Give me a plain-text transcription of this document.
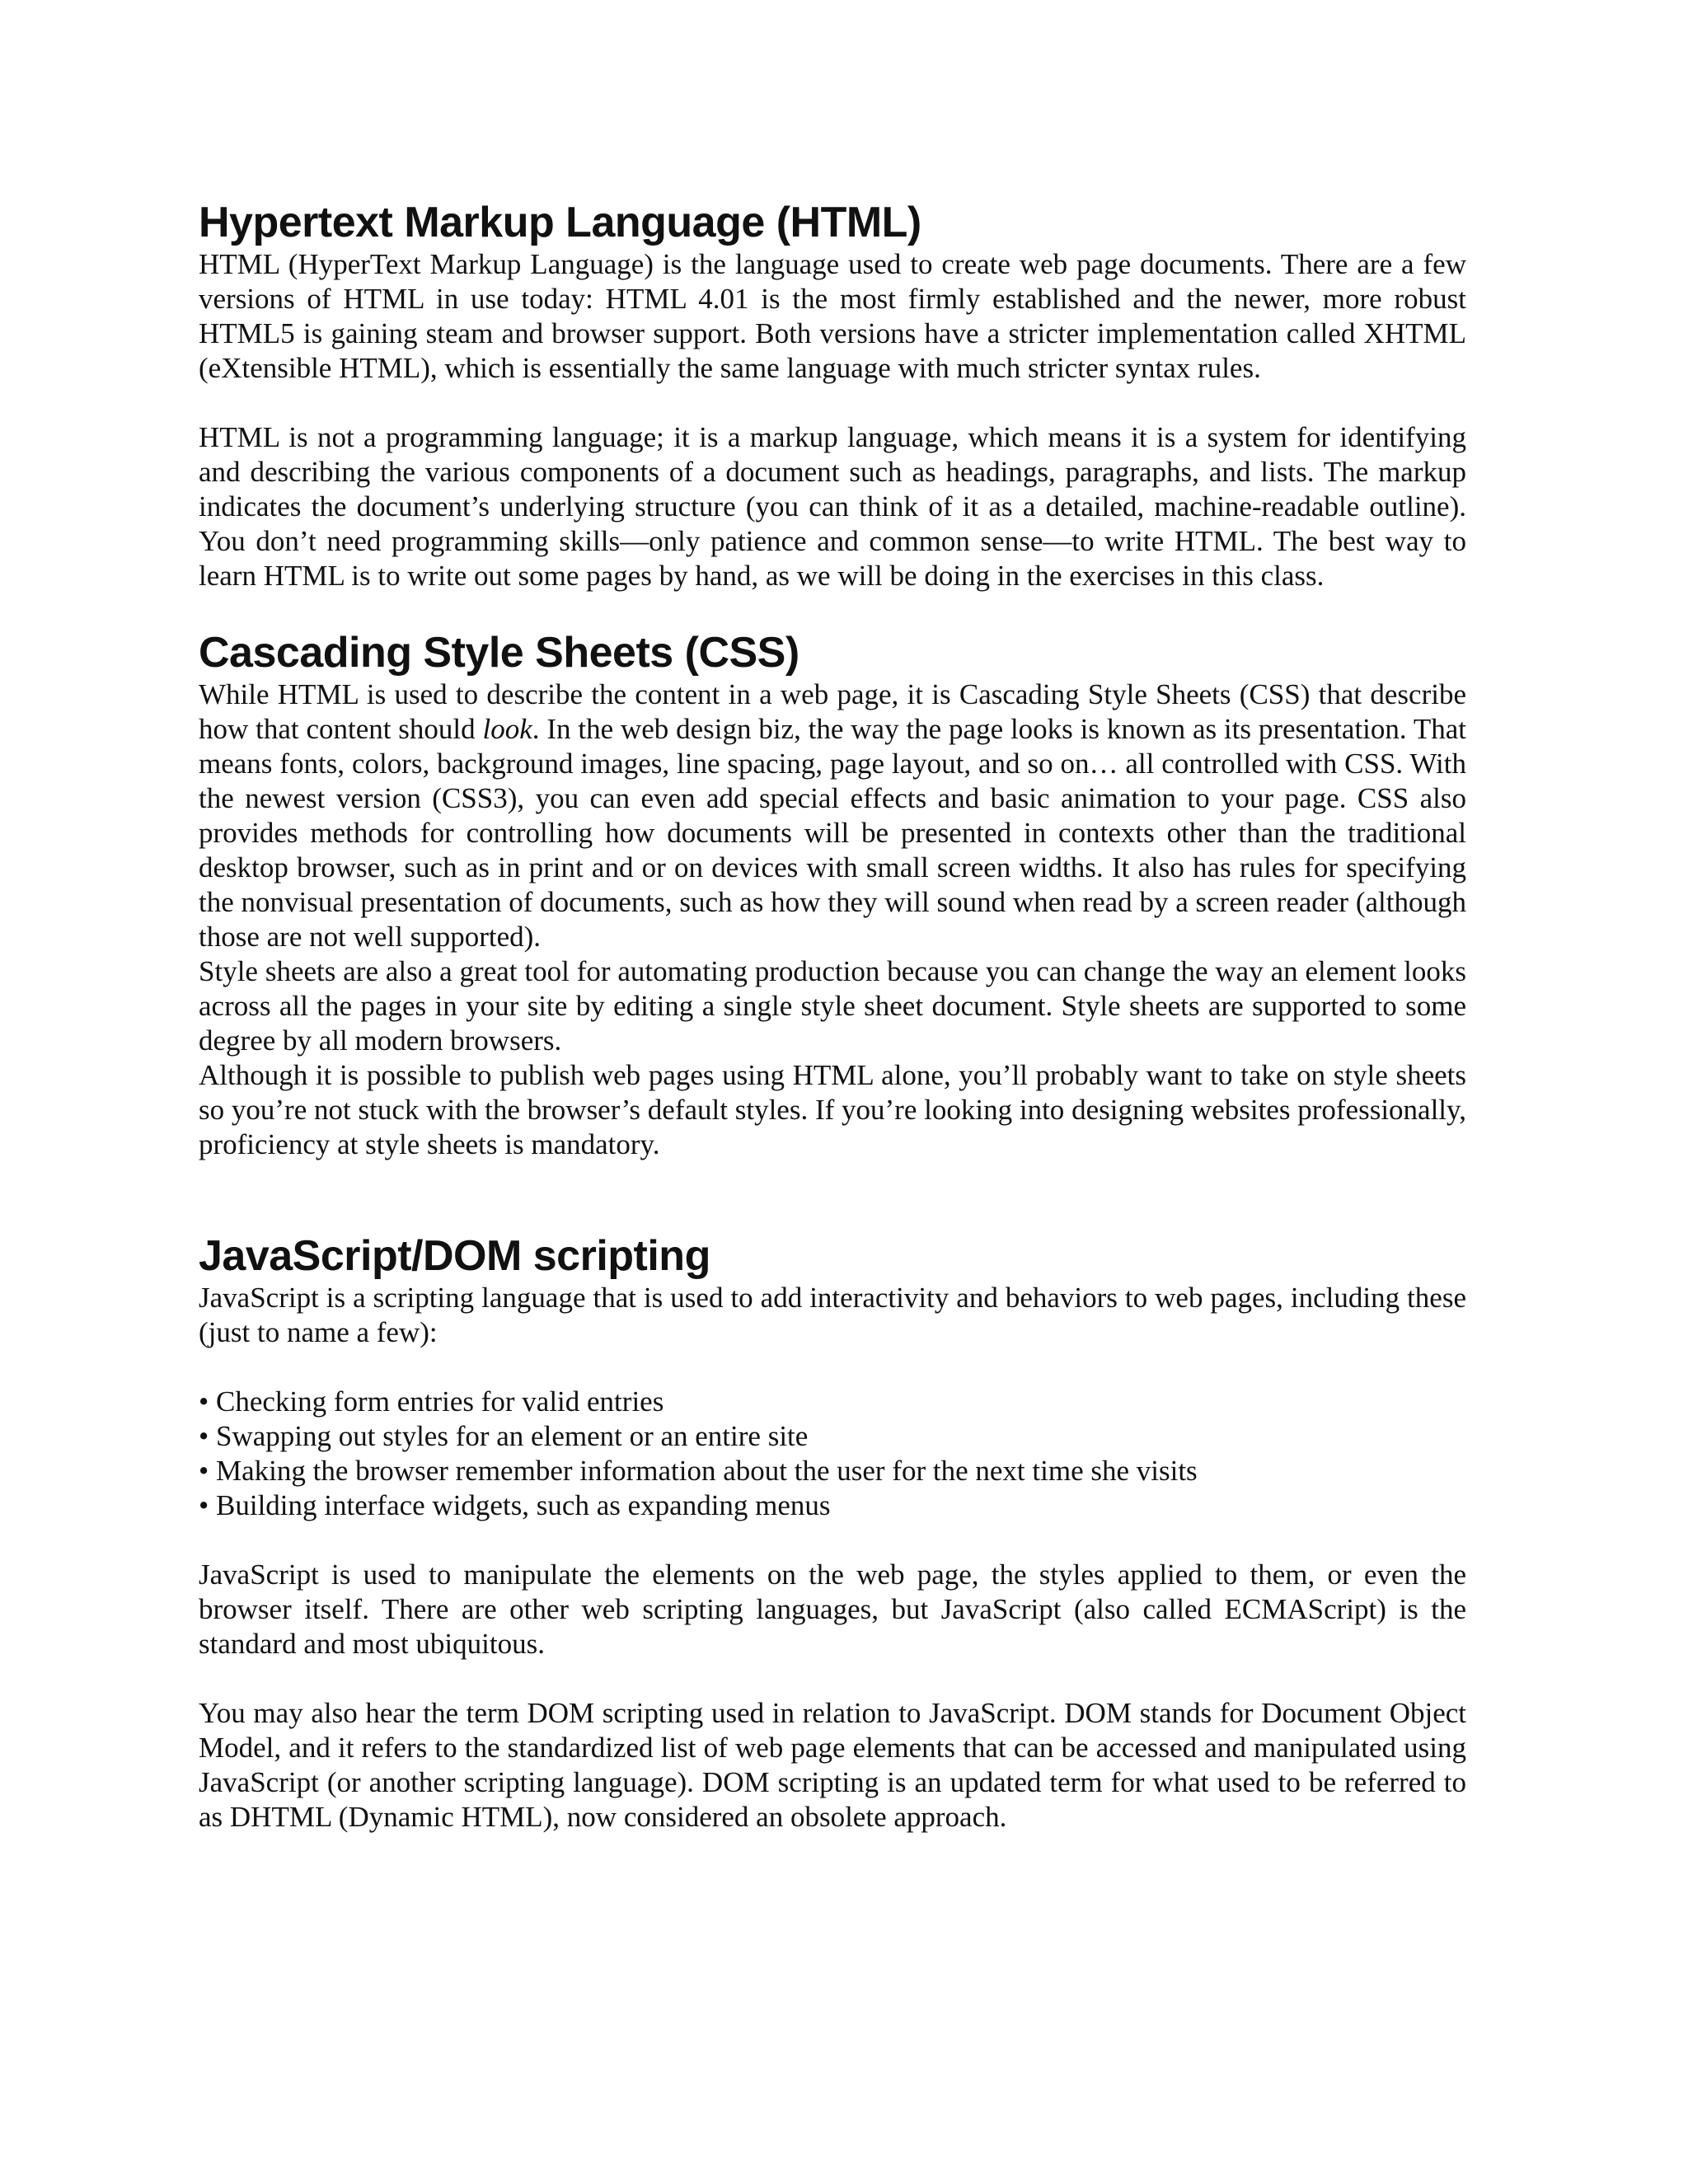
Hypertext Markup Language (HTML)

HTML (HyperText Markup Language) is the language used to create web page documents. There are a few versions of HTML in use today: HTML 4.01 is the most firmly established and the newer, more robust HTML5 is gaining steam and browser support. Both versions have a stricter implementation called XHTML (eXtensible HTML), which is essentially the same language with much stricter syntax rules.

HTML is not a programming language; it is a markup language, which means it is a system for identifying and describing the various components of a document such as headings, paragraphs, and lists. The markup indicates the document’s underlying structure (you can think of it as a detailed, machine-readable outline). You don’t need programming skills—only patience and common sense—to write HTML. The best way to learn HTML is to write out some pages by hand, as we will be doing in the exercises in this class.

Cascading Style Sheets (CSS)

While HTML is used to describe the content in a web page, it is Cascading Style Sheets (CSS) that describe how that content should look. In the web design biz, the way the page looks is known as its presentation. That means fonts, colors, background images, line spacing, page layout, and so on… all controlled with CSS. With the newest version (CSS3), you can even add special effects and basic animation to your page. CSS also provides methods for controlling how documents will be presented in contexts other than the traditional desktop browser, such as in print and or on devices with small screen widths. It also has rules for specifying the nonvisual presentation of documents, such as how they will sound when read by a screen reader (although those are not well supported).

Style sheets are also a great tool for automating production because you can change the way an element looks across all the pages in your site by editing a single style sheet document. Style sheets are supported to some degree by all modern browsers.

Although it is possible to publish web pages using HTML alone, you’ll probably want to take on style sheets so you’re not stuck with the browser’s default styles. If you’re looking into designing websites professionally, proficiency at style sheets is mandatory.

JavaScript/DOM scripting

JavaScript is a scripting language that is used to add interactivity and behaviors to web pages, including these (just to name a few):

• Checking form entries for valid entries
• Swapping out styles for an element or an entire site
• Making the browser remember information about the user for the next time she visits
• Building interface widgets, such as expanding menus

JavaScript is used to manipulate the elements on the web page, the styles applied to them, or even the browser itself. There are other web scripting languages, but JavaScript (also called ECMAScript) is the standard and most ubiquitous.

You may also hear the term DOM scripting used in relation to JavaScript. DOM stands for Document Object Model, and it refers to the standardized list of web page elements that can be accessed and manipulated using JavaScript (or another scripting language). DOM scripting is an updated term for what used to be referred to as DHTML (Dynamic HTML), now considered an obsolete approach.
